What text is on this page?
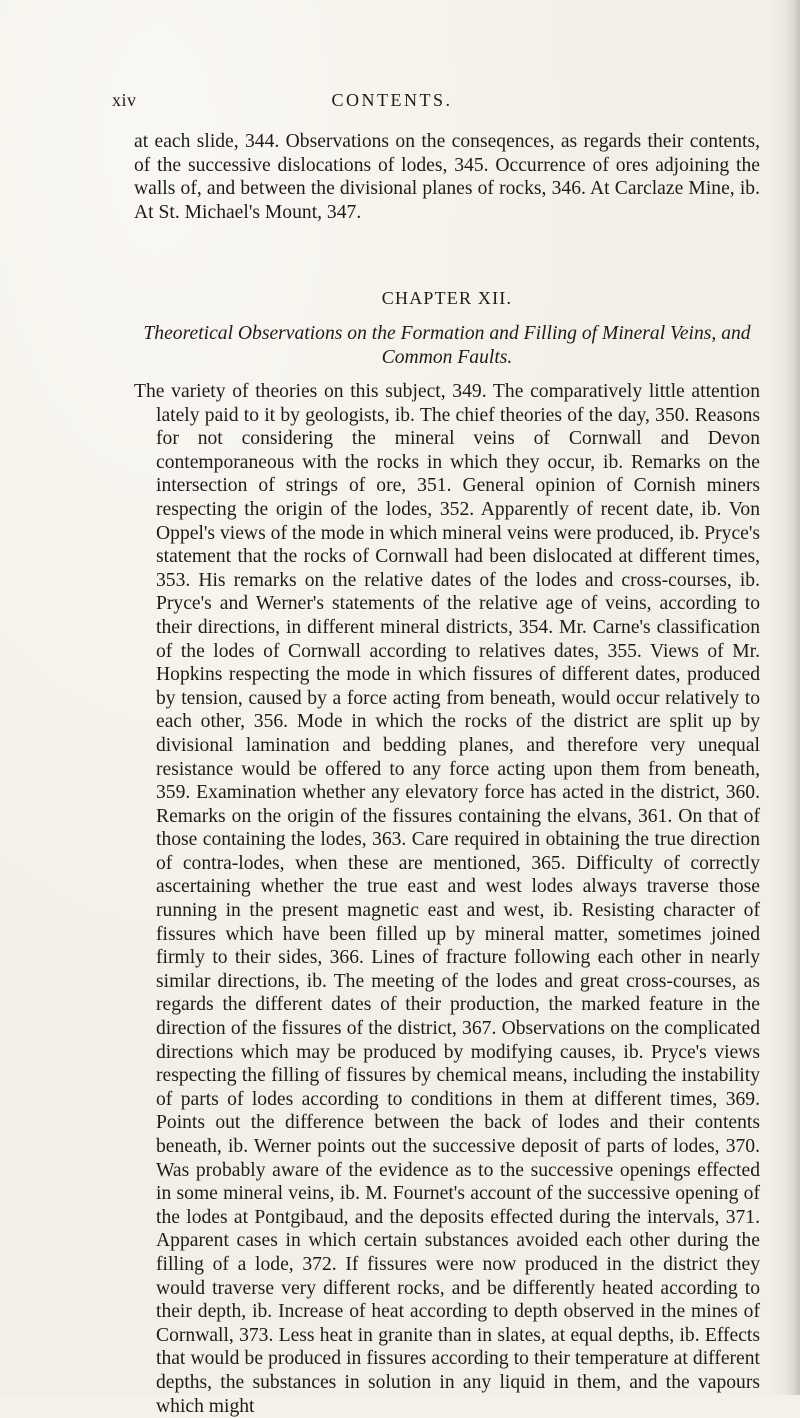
xiv	CONTENTS.

at each slide, 344. Observations on the conseqences, as regards their contents, of the successive dislocations of lodes, 345. Occurrence of ores adjoining the walls of, and between the divisional planes of rocks, 346. At Carclaze Mine, ib. At St. Michael's Mount, 347.

CHAPTER XII.
Theoretical Observations on the Formation and Filling of Mineral Veins, and Common Faults.

The variety of theories on this subject, 349. The comparatively little attention lately paid to it by geologists, ib. The chief theories of the day, 350. Reasons for not considering the mineral veins of Cornwall and Devon contemporaneous with the rocks in which they occur, ib. Remarks on the intersection of strings of ore, 351. General opinion of Cornish miners respecting the origin of the lodes, 352. Apparently of recent date, ib. Von Oppel's views of the mode in which mineral veins were produced, ib. Pryce's statement that the rocks of Cornwall had been dislocated at different times, 353. His remarks on the relative dates of the lodes and cross-courses, ib. Pryce's and Werner's statements of the relative age of veins, according to their directions, in different mineral districts, 354. Mr. Carne's classification of the lodes of Cornwall according to relatives dates, 355. Views of Mr. Hopkins respecting the mode in which fissures of different dates, produced by tension, caused by a force acting from beneath, would occur relatively to each other, 356. Mode in which the rocks of the district are split up by divisional lamination and bedding planes, and therefore very unequal resistance would be offered to any force acting upon them from beneath, 359. Examination whether any elevatory force has acted in the district, 360. Remarks on the origin of the fissures containing the elvans, 361. On that of those containing the lodes, 363. Care required in obtaining the true direction of contra-lodes, when these are mentioned, 365. Difficulty of correctly ascertaining whether the true east and west lodes always traverse those running in the present magnetic east and west, ib. Resisting character of fissures which have been filled up by mineral matter, sometimes joined firmly to their sides, 366. Lines of fracture following each other in nearly similar directions, ib. The meeting of the lodes and great cross-courses, as regards the different dates of their production, the marked feature in the direction of the fissures of the district, 367. Observations on the complicated directions which may be produced by modifying causes, ib. Pryce's views respecting the filling of fissures by chemical means, including the instability of parts of lodes according to conditions in them at different times, 369. Points out the difference between the back of lodes and their contents beneath, ib. Werner points out the successive deposit of parts of lodes, 370. Was probably aware of the evidence as to the successive openings effected in some mineral veins, ib. M. Fournet's account of the successive opening of the lodes at Pontgibaud, and the deposits effected during the intervals, 371. Apparent cases in which certain substances avoided each other during the filling of a lode, 372. If fissures were now produced in the district they would traverse very different rocks, and be differently heated according to their depth, ib. Increase of heat according to depth observed in the mines of Cornwall, 373. Less heat in granite than in slates, at equal depths, ib. Effects that would be produced in fissures according to their temperature at different depths, the substances in solution in any liquid in them, and the vapours which might
